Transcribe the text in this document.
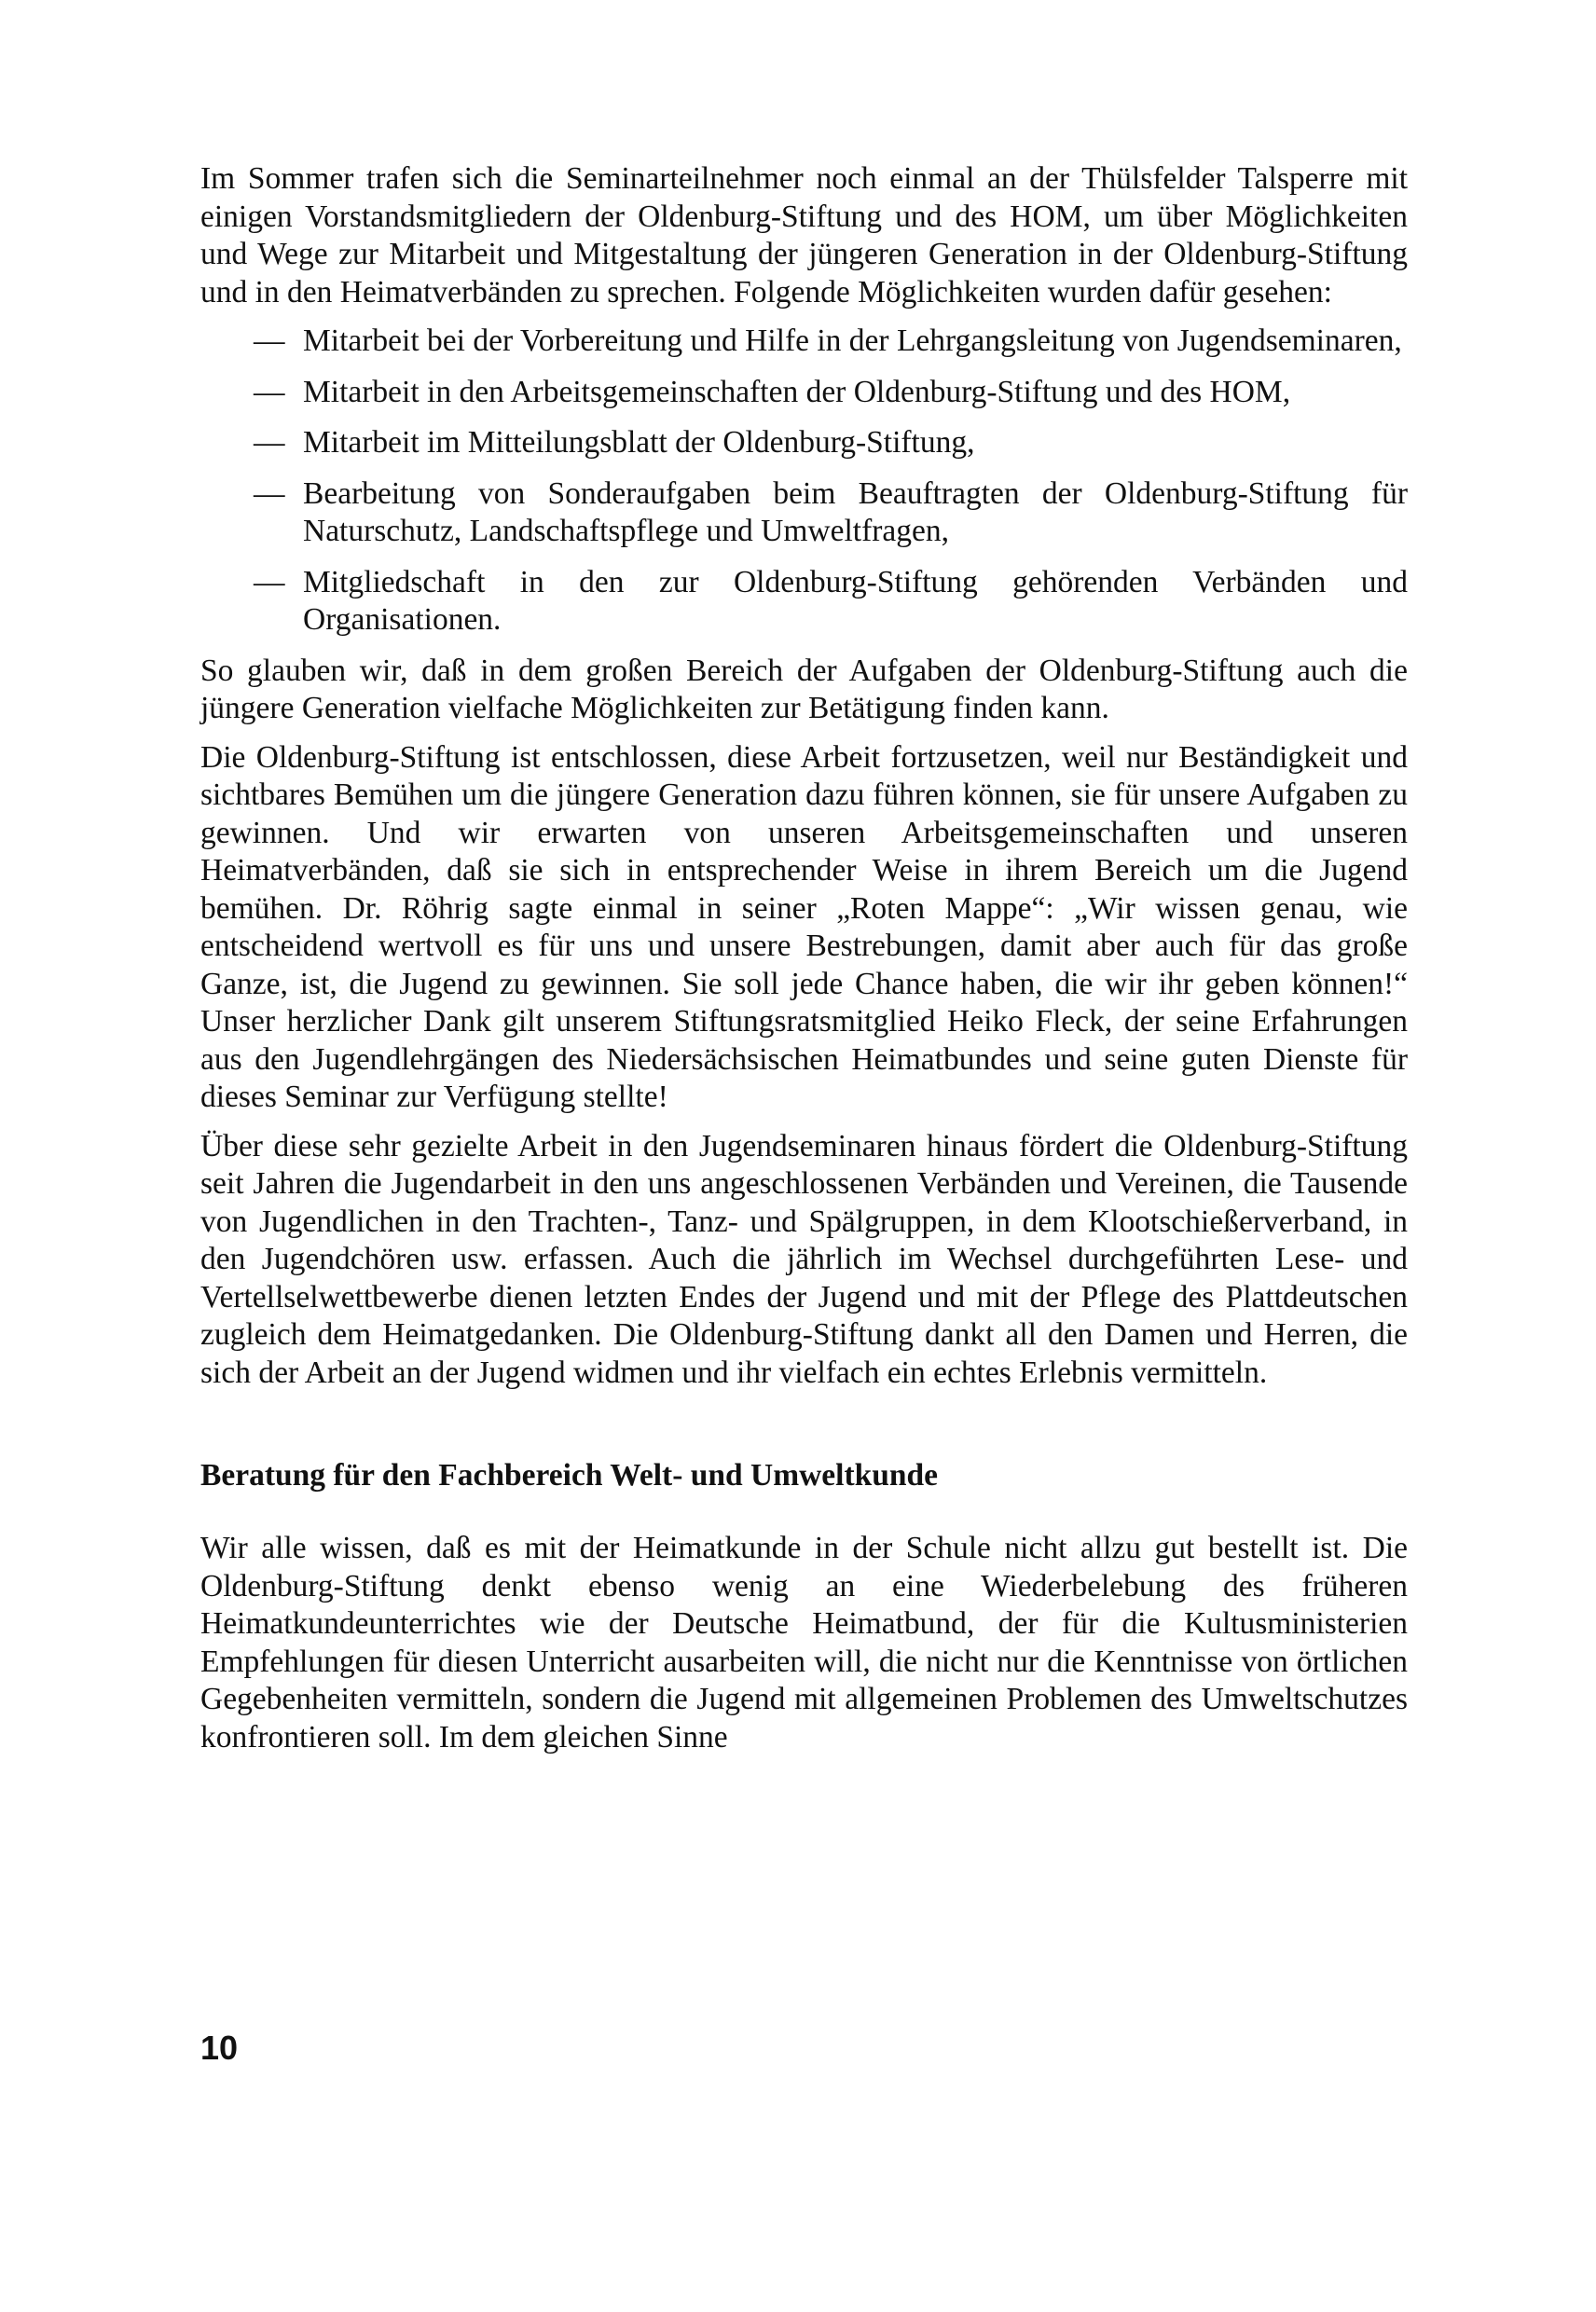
Im Sommer trafen sich die Seminarteilnehmer noch einmal an der Thülsfelder Talsperre mit einigen Vorstandsmitgliedern der Oldenburg-Stiftung und des HOM, um über Möglichkeiten und Wege zur Mitarbeit und Mitgestaltung der jüngeren Generation in der Oldenburg-Stiftung und in den Heimatverbänden zu sprechen. Folgende Möglichkeiten wurden dafür gesehen:

— Mitarbeit bei der Vorbereitung und Hilfe in der Lehrgangsleitung von Jugendseminaren,
— Mitarbeit in den Arbeitsgemeinschaften der Oldenburg-Stiftung und des HOM,
— Mitarbeit im Mitteilungsblatt der Oldenburg-Stiftung,
— Bearbeitung von Sonderaufgaben beim Beauftragten der Oldenburg-Stiftung für Naturschutz, Landschaftspflege und Umweltfragen,
— Mitgliedschaft in den zur Oldenburg-Stiftung gehörenden Verbänden und Organisationen.

So glauben wir, daß in dem großen Bereich der Aufgaben der Oldenburg-Stiftung auch die jüngere Generation vielfache Möglichkeiten zur Betätigung finden kann.

Die Oldenburg-Stiftung ist entschlossen, diese Arbeit fortzusetzen, weil nur Beständigkeit und sichtbares Bemühen um die jüngere Generation dazu führen können, sie für unsere Aufgaben zu gewinnen. Und wir erwarten von unseren Arbeitsgemeinschaften und unseren Heimatverbänden, daß sie sich in entsprechender Weise in ihrem Bereich um die Jugend bemühen. Dr. Röhrig sagte einmal in seiner „Roten Mappe“: „Wir wissen genau, wie entscheidend wertvoll es für uns und unsere Bestrebungen, damit aber auch für das große Ganze, ist, die Jugend zu gewinnen. Sie soll jede Chance haben, die wir ihr geben können!“ Unser herzlicher Dank gilt unserem Stiftungsratsmitglied Heiko Fleck, der seine Erfahrungen aus den Jugendlehrgängen des Niedersächsischen Heimatbundes und seine guten Dienste für dieses Seminar zur Verfügung stellte!

Über diese sehr gezielte Arbeit in den Jugendseminaren hinaus fördert die Oldenburg-Stiftung seit Jahren die Jugendarbeit in den uns angeschlossenen Verbänden und Vereinen, die Tausende von Jugendlichen in den Trachten-, Tanz- und Spälgruppen, in dem Klootschießerverband, in den Jugendchören usw. erfassen. Auch die jährlich im Wechsel durchgeführten Lese- und Vertellselwettbewerbe dienen letzten Endes der Jugend und mit der Pflege des Plattdeutschen zugleich dem Heimatgedanken. Die Oldenburg-Stiftung dankt all den Damen und Herren, die sich der Arbeit an der Jugend widmen und ihr vielfach ein echtes Erlebnis vermitteln.

Beratung für den Fachbereich Welt- und Umweltkunde

Wir alle wissen, daß es mit der Heimatkunde in der Schule nicht allzu gut bestellt ist. Die Oldenburg-Stiftung denkt ebenso wenig an eine Wiederbelebung des früheren Heimatkundeunterrichtes wie der Deutsche Heimatbund, der für die Kultusministerien Empfehlungen für diesen Unterricht ausarbeiten will, die nicht nur die Kenntnisse von örtlichen Gegebenheiten vermitteln, sondern die Jugend mit allgemeinen Problemen des Umweltschutzes konfrontieren soll. Im dem gleichen Sinne

10
